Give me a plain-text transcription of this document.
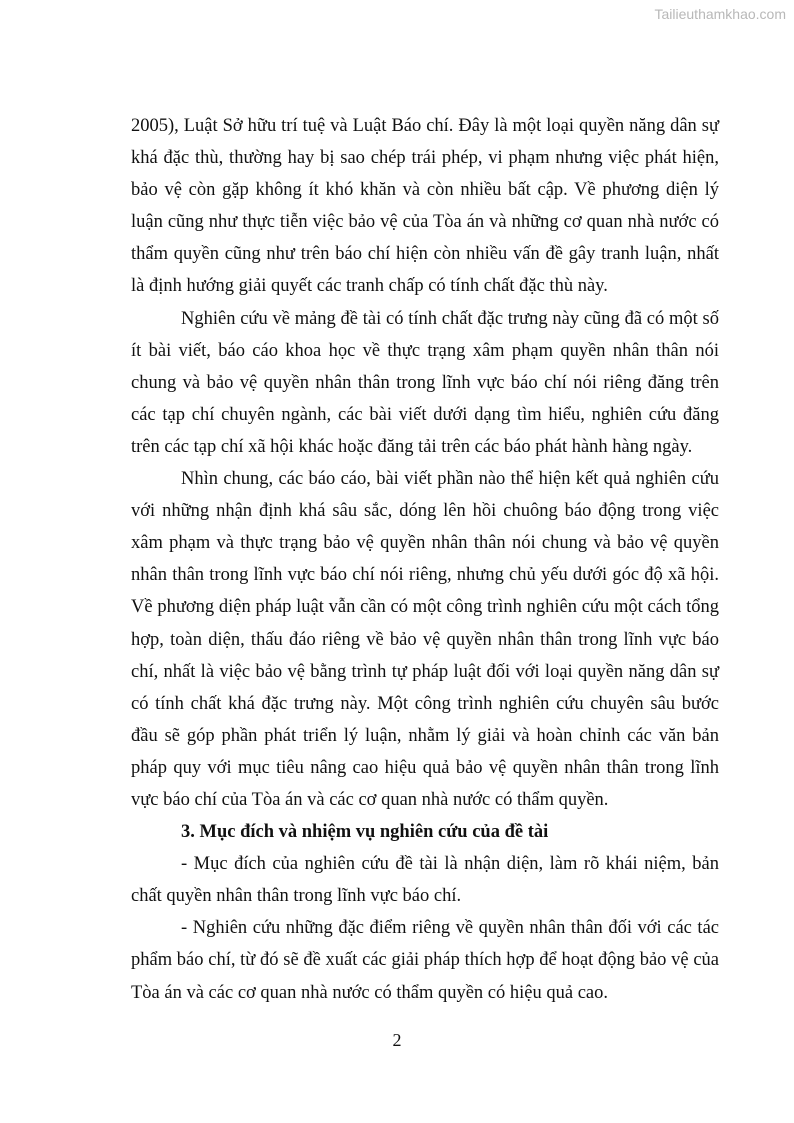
Tailieuthamkhao.com

2005), Luật Sở hữu trí tuệ và Luật Báo chí. Đây là một loại quyền năng dân sự khá đặc thù, thường hay bị sao chép trái phép, vi phạm nhưng việc phát hiện, bảo vệ còn gặp không ít khó khăn và còn nhiều bất cập. Về phương diện lý luận cũng như thực tiễn việc bảo vệ của Tòa án và những cơ quan nhà nước có thẩm quyền cũng như trên báo chí hiện còn nhiều vấn đề gây tranh luận, nhất là định hướng giải quyết các tranh chấp có tính chất đặc thù này.

Nghiên cứu về mảng đề tài có tính chất đặc trưng này cũng đã có một số ít bài viết, báo cáo khoa học về thực trạng xâm phạm quyền nhân thân nói chung và bảo vệ quyền nhân thân trong lĩnh vực báo chí nói riêng đăng trên các tạp chí chuyên ngành, các bài viết dưới dạng tìm hiểu, nghiên cứu đăng trên các tạp chí xã hội khác hoặc đăng tải trên các báo phát hành hàng ngày.

Nhìn chung, các báo cáo, bài viết phần nào thể hiện kết quả nghiên cứu với những nhận định khá sâu sắc, dóng lên hồi chuông báo động trong việc xâm phạm và thực trạng bảo vệ quyền nhân thân nói chung và bảo vệ quyền nhân thân trong lĩnh vực báo chí nói riêng, nhưng chủ yếu dưới góc độ xã hội. Về phương diện pháp luật vẫn cần có một công trình nghiên cứu một cách tổng hợp, toàn diện, thấu đáo riêng về bảo vệ quyền nhân thân trong lĩnh vực báo chí, nhất là việc bảo vệ bằng trình tự pháp luật đối với loại quyền năng dân sự có tính chất khá đặc trưng này. Một công trình nghiên cứu chuyên sâu bước đầu sẽ góp phần phát triển lý luận, nhằm lý giải và hoàn chỉnh các văn bản pháp quy với mục tiêu nâng cao hiệu quả bảo vệ quyền nhân thân trong lĩnh vực báo chí của Tòa án và các cơ quan nhà nước có thẩm quyền.

3. Mục đích và nhiệm vụ nghiên cứu của đề tài

- Mục đích của nghiên cứu đề tài là nhận diện, làm rõ khái niệm, bản chất quyền nhân thân trong lĩnh vực báo chí.

- Nghiên cứu những đặc điểm riêng về quyền nhân thân đối với các tác phẩm báo chí, từ đó sẽ đề xuất các giải pháp thích hợp để hoạt động bảo vệ của Tòa án và các cơ quan nhà nước có thẩm quyền có hiệu quả cao.

2
